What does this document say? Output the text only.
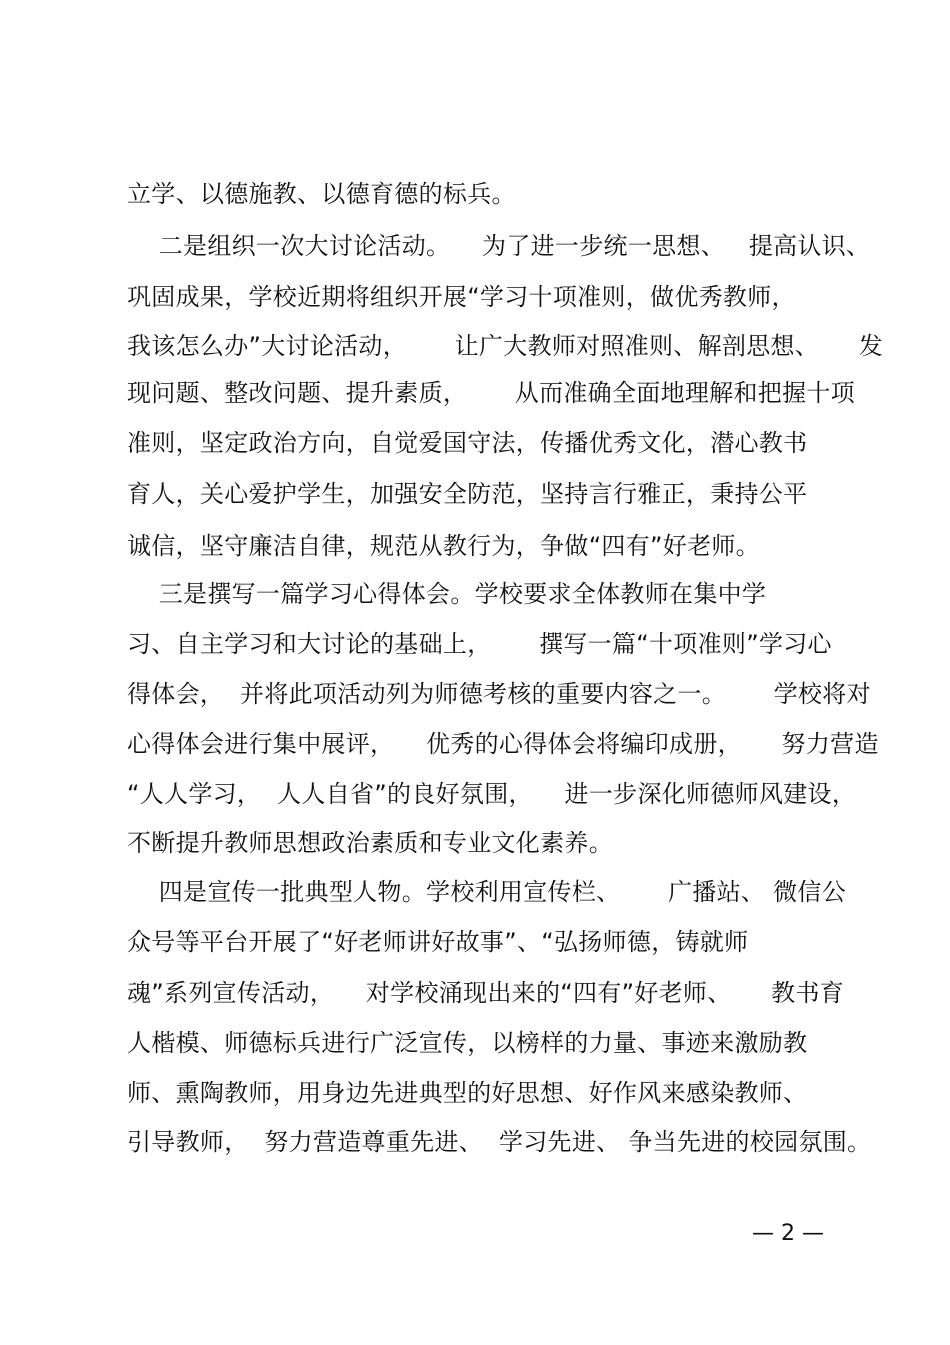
立学、以德施教、以德育德的标兵。
二是组织一次大讨论活动。    为了进一步统一思想、   提高认识、
巩固成果，学校近期将组织开展“学习十项准则，做优秀教师，
我该怎么办”大讨论活动，      让广大教师对照准则、解剖思想、     发
现问题、整改问题、提升素质，      从而准确全面地理解和把握十项
准则，坚定政治方向，自觉爱国守法，传播优秀文化，潜心教书
育人，关心爱护学生，加强安全防范，坚持言行雅正，秉持公平
诚信，坚守廉洁自律，规范从教行为，争做“四有”好老师。
三是撰写一篇学习心得体会。学校要求全体教师在集中学
习、自主学习和大讨论的基础上，      撰写一篇“十项准则”学习心
得体会，  并将此项活动列为师德考核的重要内容之一。      学校将对
心得体会进行集中展评，    优秀的心得体会将编印成册，     努力营造
“人人学习，  人人自省”的良好氛围，    进一步深化师德师风建设，
不断提升教师思想政治素质和专业文化素养。
四是宣传一批典型人物。学校利用宣传栏、      广播站、 微信公
众号等平台开展了“好老师讲好故事”、“弘扬师德，铸就师
魂”系列宣传活动，    对学校涌现出来的“四有”好老师、     教书育
人楷模、师德标兵进行广泛宣传，以榜样的力量、事迹来激励教
师、熏陶教师，用身边先进典型的好思想、好作风来感染教师、
引导教师，  努力营造尊重先进、  学习先进、 争当先进的校园氛围。
— 2 —
